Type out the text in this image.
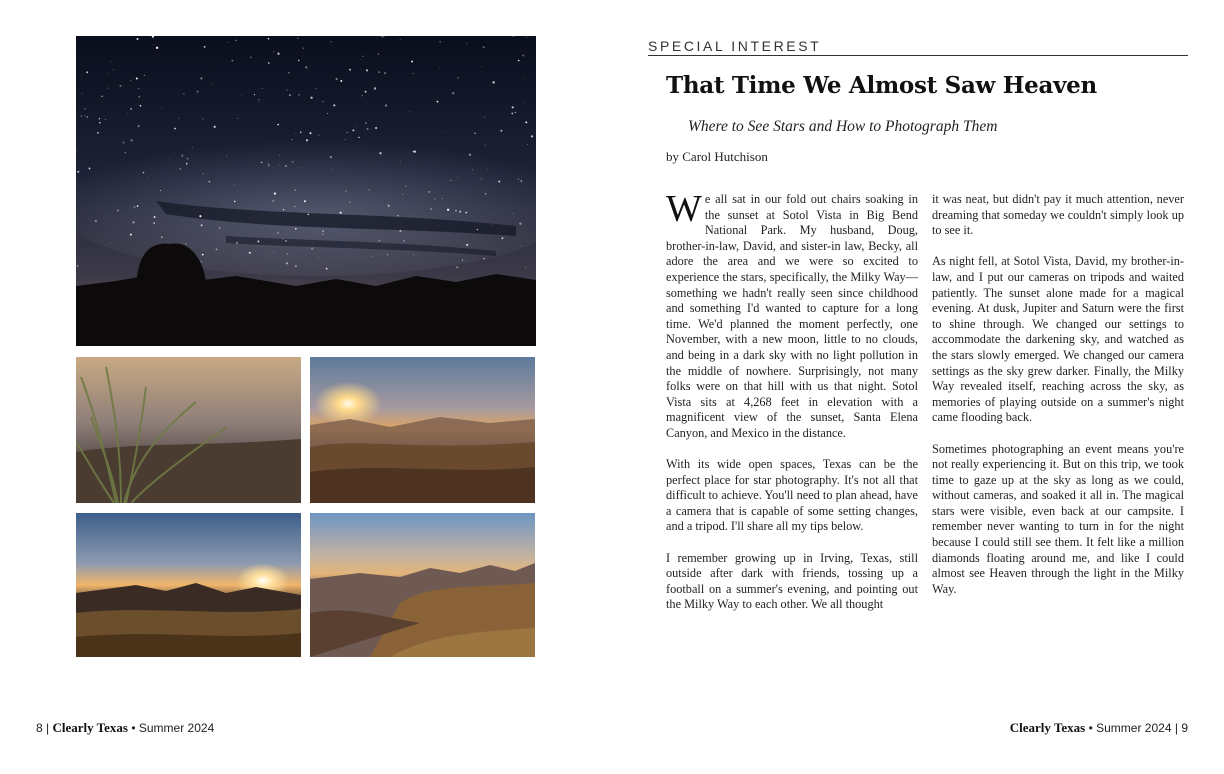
SPECIAL INTEREST
That Time We Almost Saw Heaven
Where to See Stars and How to Photograph Them
by Carol Hutchison

We all sat in our fold out chairs soaking in the sunset at Sotol Vista in Big Bend National Park. My husband, Doug, brother-in-law, David, and sister-in law, Becky, all adore the area and we were so excited to experience the stars, specifically, the Milky Way—something we hadn't really seen since childhood and something I'd wanted to capture for a long time. We'd planned the moment perfectly, one November, with a new moon, little to no clouds, and being in a dark sky with no light pollution in the middle of nowhere. Surprisingly, not many folks were on that hill with us that night. Sotol Vista sits at 4,268 feet in elevation with a magnificent view of the sunset, Santa Elena Canyon, and Mexico in the distance.

With its wide open spaces, Texas can be the perfect place for star photography. It's not all that difficult to achieve. You'll need to plan ahead, have a camera that is capable of some setting changes, and a tripod. I'll share all my tips below.

I remember growing up in Irving, Texas, still outside after dark with friends, tossing up a football on a summer's evening, and pointing out the Milky Way to each other. We all thought

it was neat, but didn't pay it much attention, never dreaming that someday we couldn't simply look up to see it.

As night fell, at Sotol Vista, David, my brother-in-law, and I put our cameras on tripods and waited patiently. The sunset alone made for a magical evening. At dusk, Jupiter and Saturn were the first to shine through. We changed our settings to accommodate the darkening sky, and watched as the stars slowly emerged. We changed our camera settings as the sky grew darker. Finally, the Milky Way revealed itself, reaching across the sky, as memories of playing outside on a summer's night came flooding back.

Sometimes photographing an event means you're not really experiencing it. But on this trip, we took time to gaze up at the sky as long as we could, without cameras, and soaked it all in. The magical stars were visible, even back at our campsite. I remember never wanting to turn in for the night because I could still see them. It felt like a million diamonds floating around me, and like I could almost see Heaven through the light in the Milky Way.

8 | Clearly Texas • Summer 2024	Clearly Texas • Summer 2024 | 9
